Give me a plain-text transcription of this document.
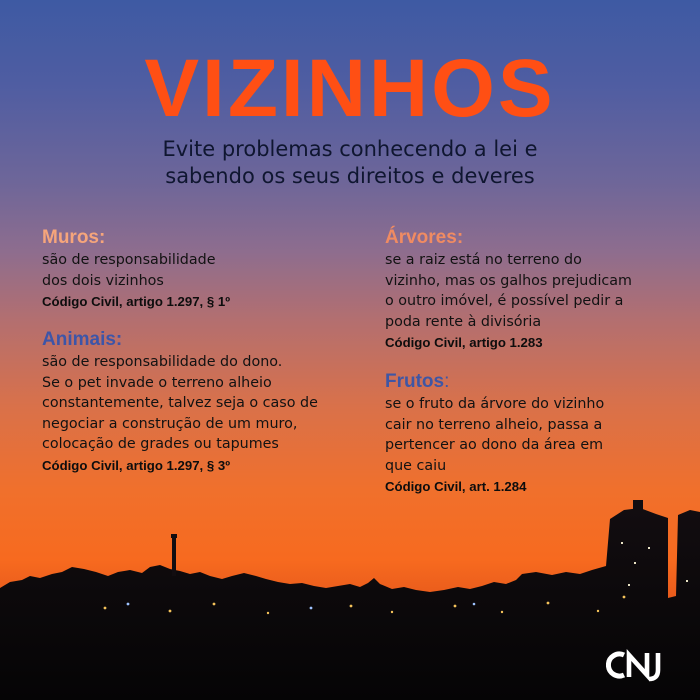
VIZINHOS
Evite problemas conhecendo a lei e
sabendo os seus direitos e deveres
Muros:
são de responsabilidade
dos dois vizinhos
Código Civil, artigo 1.297, § 1º
Animais:
são de responsabilidade do dono.
Se o pet invade o terreno alheio
constantemente, talvez seja o caso de
negociar a construção de um muro,
colocação de grades ou tapumes
Código Civil, artigo 1.297, § 3º
Árvores:
se a raiz está no terreno do
vizinho, mas os galhos prejudicam
o outro imóvel, é possível pedir a
poda rente à divisória
Código Civil, artigo 1.283
Frutos:
se o fruto da árvore do vizinho
cair no terreno alheio, passa a
pertencer ao dono da área em
que caiu
Código Civil, art. 1.284
CNJ
